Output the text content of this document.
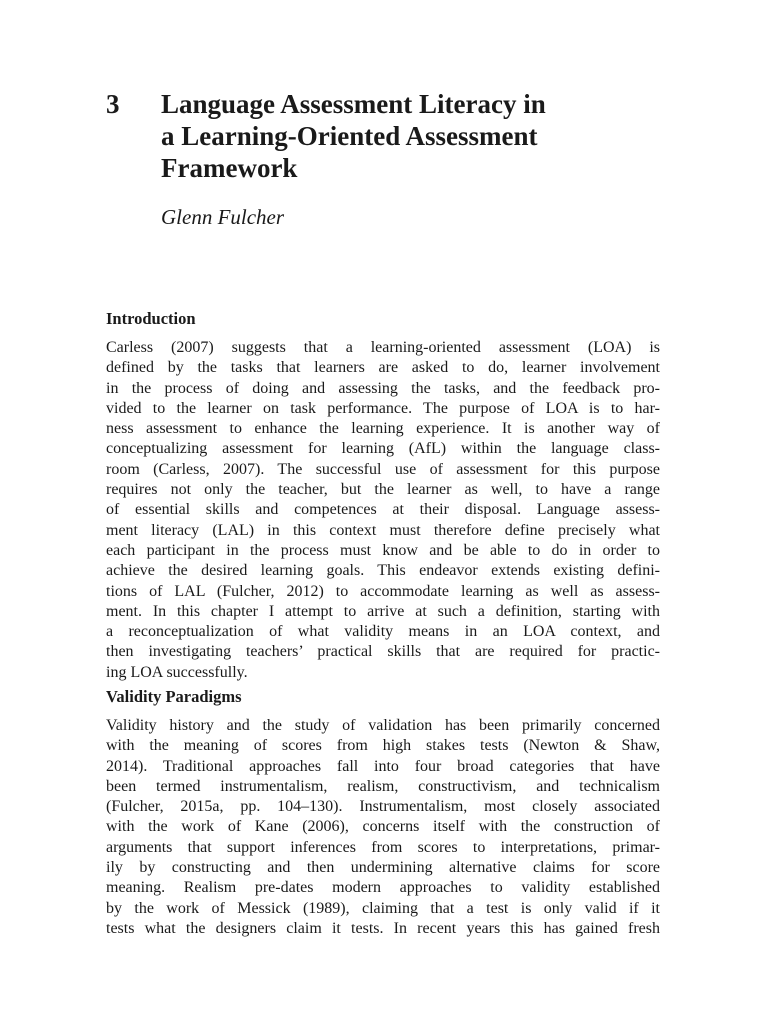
3 Language Assessment Literacy in
a Learning-Oriented Assessment
Framework
Glenn Fulcher
Introduction
Carless (2007) suggests that a learning-oriented assessment (LOA) is
defined by the tasks that learners are asked to do, learner involvement
in the process of doing and assessing the tasks, and the feedback pro-
vided to the learner on task performance. The purpose of LOA is to har-
ness assessment to enhance the learning experience. It is another way of
conceptualizing assessment for learning (AfL) within the language class-
room (Carless, 2007). The successful use of assessment for this purpose
requires not only the teacher, but the learner as well, to have a range
of essential skills and competences at their disposal. Language assess-
ment literacy (LAL) in this context must therefore define precisely what
each participant in the process must know and be able to do in order to
achieve the desired learning goals. This endeavor extends existing defini-
tions of LAL (Fulcher, 2012) to accommodate learning as well as assess-
ment. In this chapter I attempt to arrive at such a definition, starting with
a reconceptualization of what validity means in an LOA context, and
then investigating teachers’ practical skills that are required for practic-
ing LOA successfully.
Validity Paradigms
Validity history and the study of validation has been primarily concerned
with the meaning of scores from high stakes tests (Newton & Shaw,
2014). Traditional approaches fall into four broad categories that have
been termed instrumentalism, realism, constructivism, and technicalism
(Fulcher, 2015a, pp. 104–130). Instrumentalism, most closely associated
with the work of Kane (2006), concerns itself with the construction of
arguments that support inferences from scores to interpretations, primar-
ily by constructing and then undermining alternative claims for score
meaning. Realism pre-dates modern approaches to validity established
by the work of Messick (1989), claiming that a test is only valid if it
tests what the designers claim it tests. In recent years this has gained fresh
